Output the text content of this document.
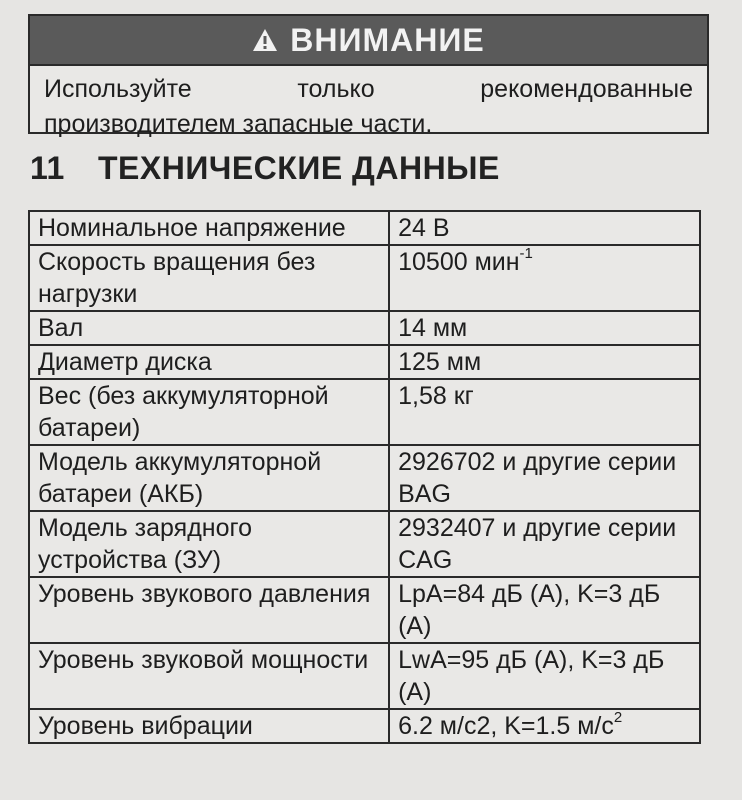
ВНИМАНИЕ
Используйте только рекомендованные производителем запасные части.
11 ТЕХНИЧЕСКИЕ ДАННЫЕ
Номинальное напряжение	24 В
Скорость вращения без нагрузки	10500 мин$^{-1}$
Вал	14 мм
Диаметр диска	125 мм
Вес (без аккумуляторной батареи)	1,58 кг
Модель аккумуляторной батареи (АКБ)	2926702 и другие серии BAG
Модель зарядного устройства (ЗУ)	2932407 и другие серии CAG
Уровень звукового давления	LpA=84 дБ (A), K=3 дБ (A)
Уровень звуковой мощности	LwA=95 дБ (A), K=3 дБ (A)
Уровень вибрации	6.2 м/с2, K=1.5 $м/с^2$
